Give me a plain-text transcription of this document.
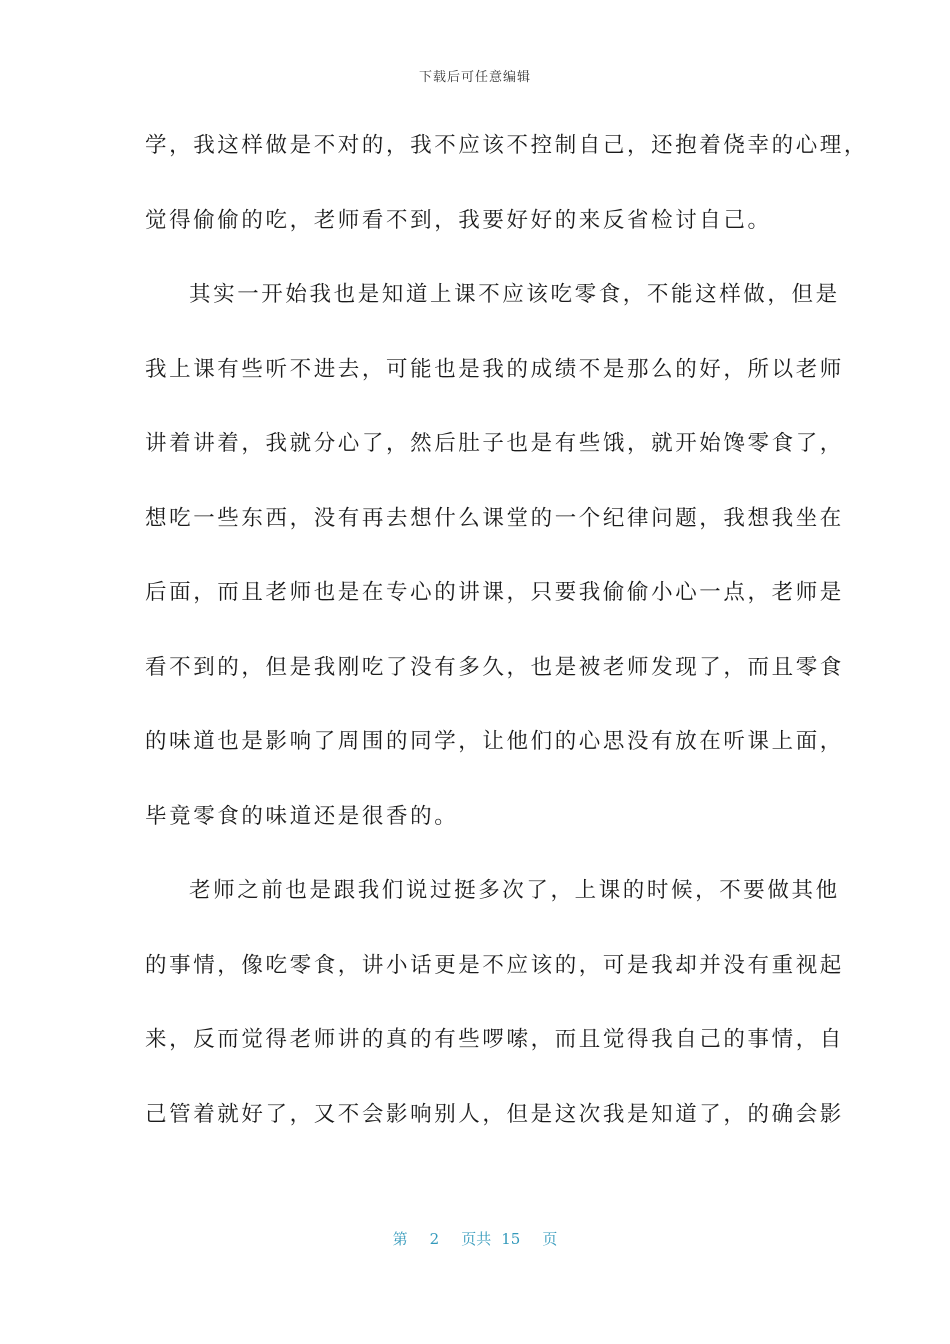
下载后可任意编辑
学，我这样做是不对的，我不应该不控制自己，还抱着侥幸的心理，
觉得偷偷的吃，老师看不到，我要好好的来反省检讨自己。
其实一开始我也是知道上课不应该吃零食，不能这样做，但是
我上课有些听不进去，可能也是我的成绩不是那么的好，所以老师
讲着讲着，我就分心了，然后肚子也是有些饿，就开始馋零食了，
想吃一些东西，没有再去想什么课堂的一个纪律问题，我想我坐在
后面，而且老师也是在专心的讲课，只要我偷偷小心一点，老师是
看不到的，但是我刚吃了没有多久，也是被老师发现了，而且零食
的味道也是影响了周围的同学，让他们的心思没有放在听课上面，
毕竟零食的味道还是很香的。
老师之前也是跟我们说过挺多次了，上课的时候，不要做其他
的事情，像吃零食，讲小话更是不应该的，可是我却并没有重视起
来，反而觉得老师讲的真的有些啰嗦，而且觉得我自己的事情，自
己管着就好了，又不会影响别人，但是这次我是知道了，的确会影
第 2 页共 15 页
